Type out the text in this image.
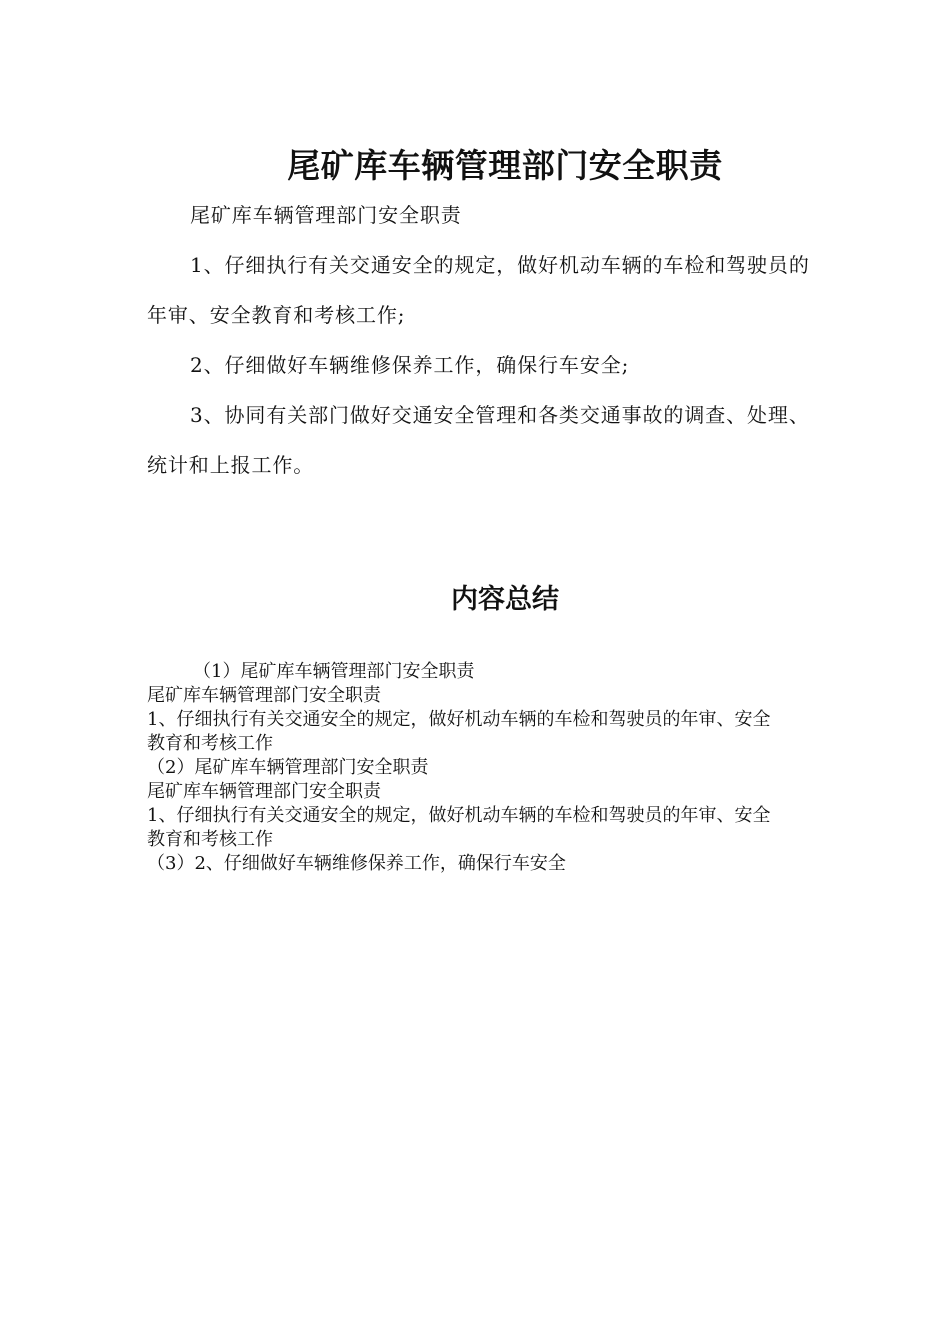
尾矿库车辆管理部门安全职责

尾矿库车辆管理部门安全职责

1、仔细执行有关交通安全的规定，做好机动车辆的车检和驾驶员的年审、安全教育和考核工作;

2、仔细做好车辆维修保养工作，确保行车安全;

3、协同有关部门做好交通安全管理和各类交通事故的调查、处理、统计和上报工作。

内容总结

（1）尾矿库车辆管理部门安全职责

尾矿库车辆管理部门安全职责

1、仔细执行有关交通安全的规定，做好机动车辆的车检和驾驶员的年审、安全教育和考核工作

（2）尾矿库车辆管理部门安全职责

尾矿库车辆管理部门安全职责

1、仔细执行有关交通安全的规定，做好机动车辆的车检和驾驶员的年审、安全教育和考核工作

（3）2、仔细做好车辆维修保养工作，确保行车安全
